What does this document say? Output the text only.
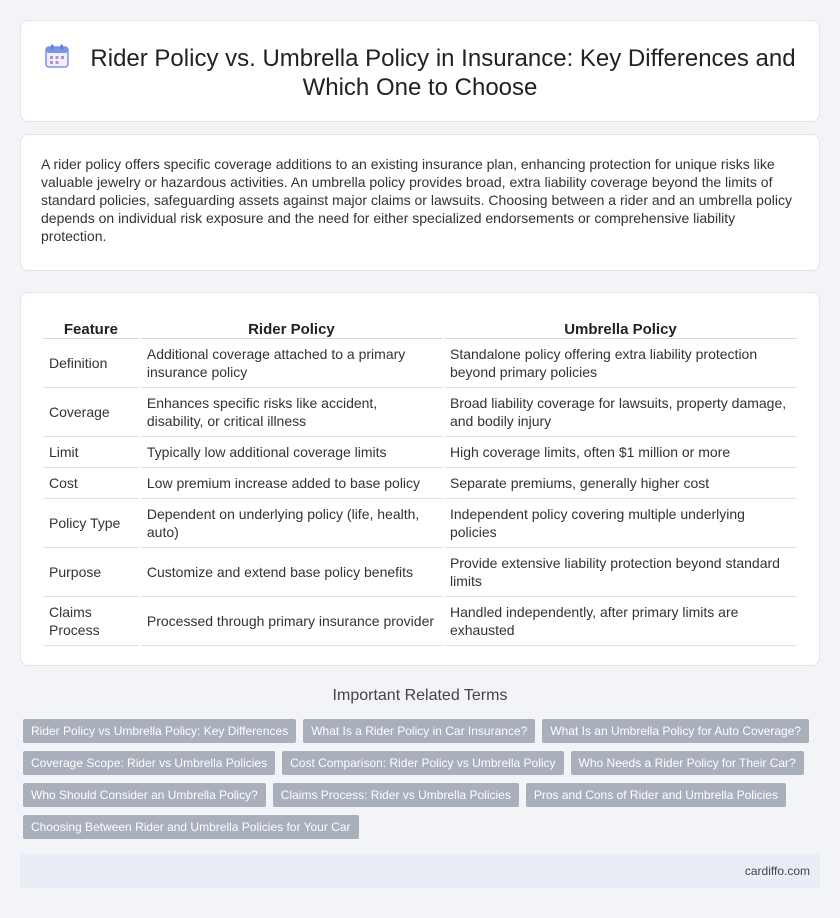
Rider Policy vs. Umbrella Policy in Insurance: Key Differences and Which One to Choose

A rider policy offers specific coverage additions to an existing insurance plan, enhancing protection for unique risks like valuable jewelry or hazardous activities. An umbrella policy provides broad, extra liability coverage beyond the limits of standard policies, safeguarding assets against major claims or lawsuits. Choosing between a rider and an umbrella policy depends on individual risk exposure and the need for either specialized endorsements or comprehensive liability protection.

Feature	Rider Policy	Umbrella Policy
Definition	Additional coverage attached to a primary insurance policy	Standalone policy offering extra liability protection beyond primary policies
Coverage	Enhances specific risks like accident, disability, or critical illness	Broad liability coverage for lawsuits, property damage, and bodily injury
Limit	Typically low additional coverage limits	High coverage limits, often $1 million or more
Cost	Low premium increase added to base policy	Separate premiums, generally higher cost
Policy Type	Dependent on underlying policy (life, health, auto)	Independent policy covering multiple underlying policies
Purpose	Customize and extend base policy benefits	Provide extensive liability protection beyond standard limits
Claims Process	Processed through primary insurance provider	Handled independently, after primary limits are exhausted
Important Related Terms
Rider Policy vs Umbrella Policy: Key Differences	What Is a Rider Policy in Car Insurance?	What Is an Umbrella Policy for Auto Coverage?
Coverage Scope: Rider vs Umbrella Policies	Cost Comparison: Rider Policy vs Umbrella Policy	Who Needs a Rider Policy for Their Car?
Who Should Consider an Umbrella Policy?	Claims Process: Rider vs Umbrella Policies	Pros and Cons of Rider and Umbrella Policies
Choosing Between Rider and Umbrella Policies for Your Car
cardiffo.com
